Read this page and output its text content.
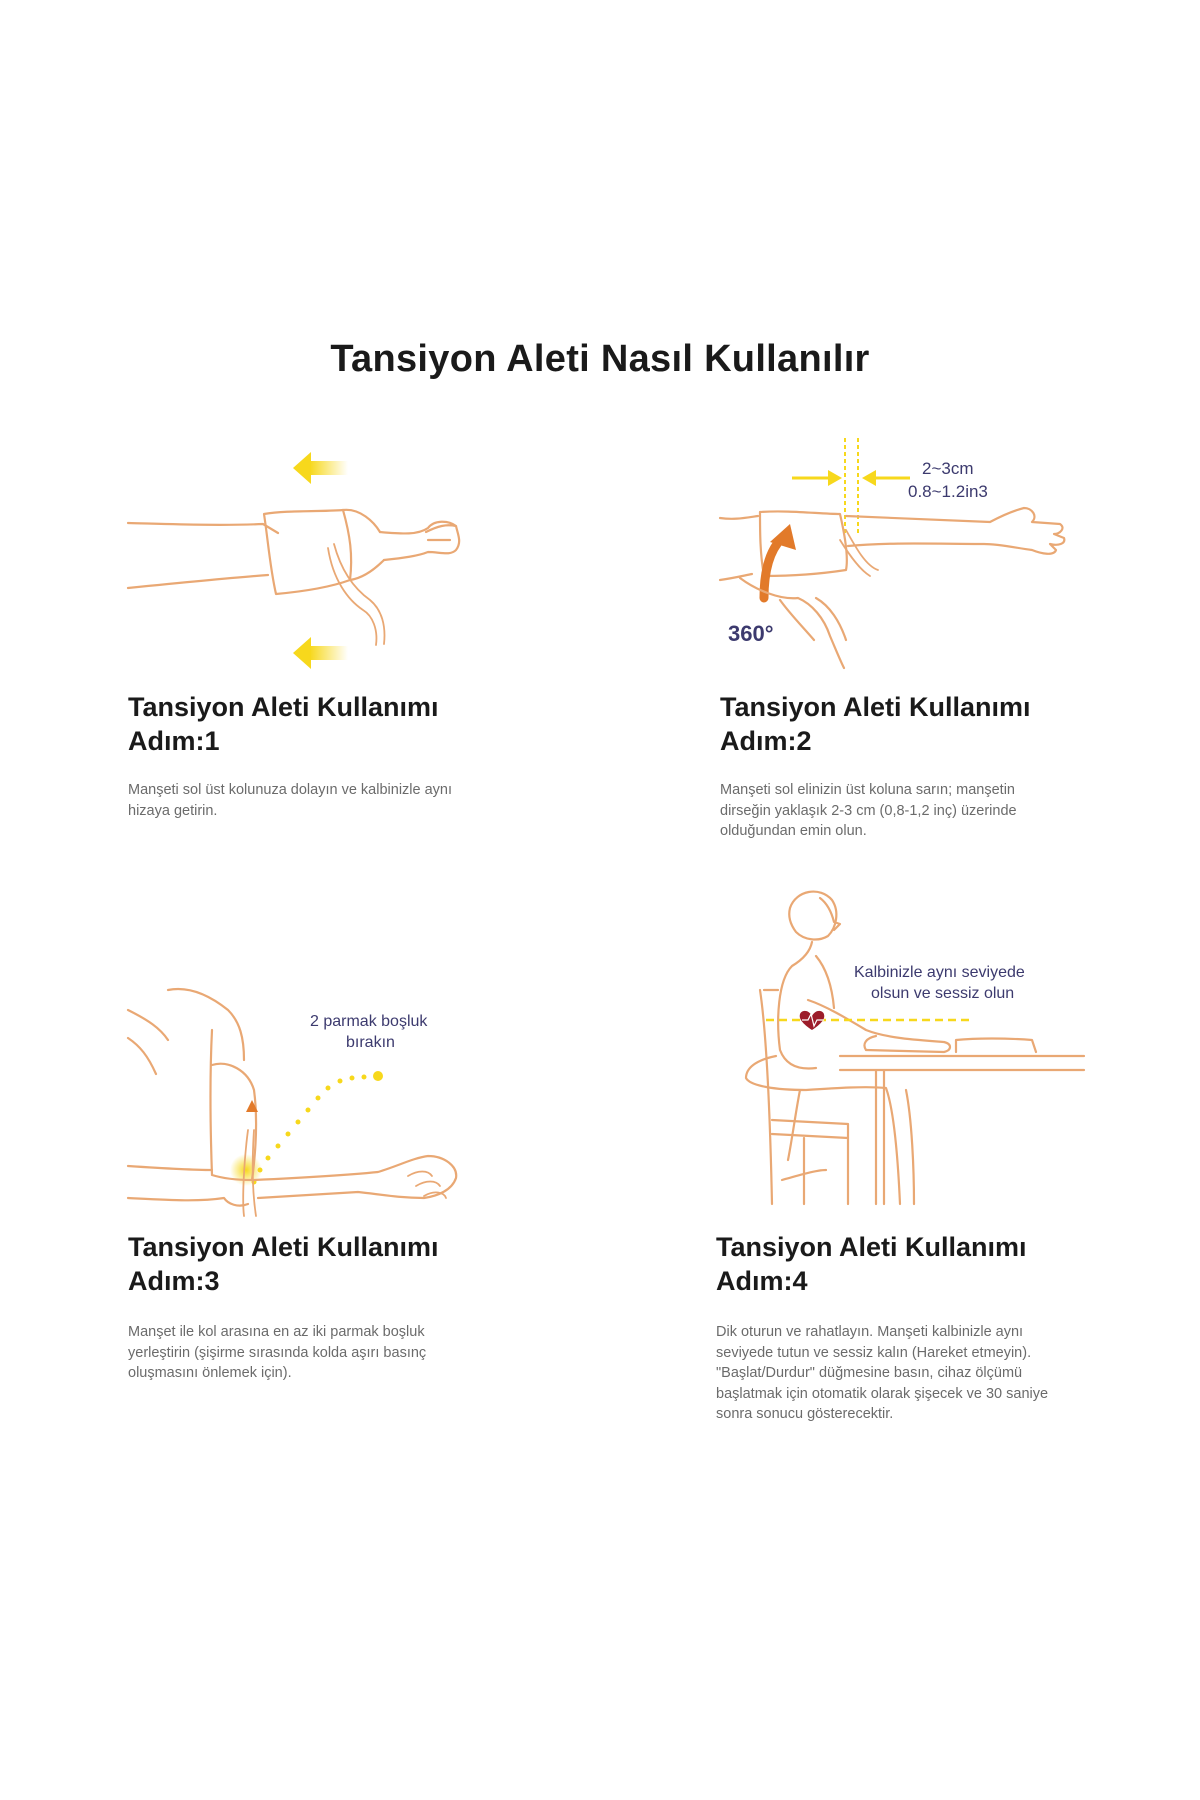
Tansiyon Aleti Nasıl Kullanılır
Tansiyon Aleti Kullanımı
Adım:1

Manşeti sol üst kolunuza dolayın ve kalbinizle aynı hizaya getirin.

2~3cm
0.8~1.2in3
360°
Tansiyon Aleti Kullanımı
Adım:2

Manşeti sol elinizin üst koluna sarın; manşetin dirseğin yaklaşık 2-3 cm (0,8-1,2 inç) üzerinde olduğundan emin olun.

2 parmak boşluk
bırakın
Tansiyon Aleti Kullanımı
Adım:3

Manşet ile kol arasına en az iki parmak boşluk yerleştirin (şişirme sırasında kolda aşırı basınç oluşmasını önlemek için).

Kalbinizle aynı seviyede
olsun ve sessiz olun
Tansiyon Aleti Kullanımı
Adım:4

Dik oturun ve rahatlayın. Manşeti kalbinizle aynı seviyede tutun ve sessiz kalın (Hareket etmeyin). "Başlat/Durdur" düğmesine basın, cihaz ölçümü başlatmak için otomatik olarak şişecek ve 30 saniye sonra sonucu gösterecektir.
